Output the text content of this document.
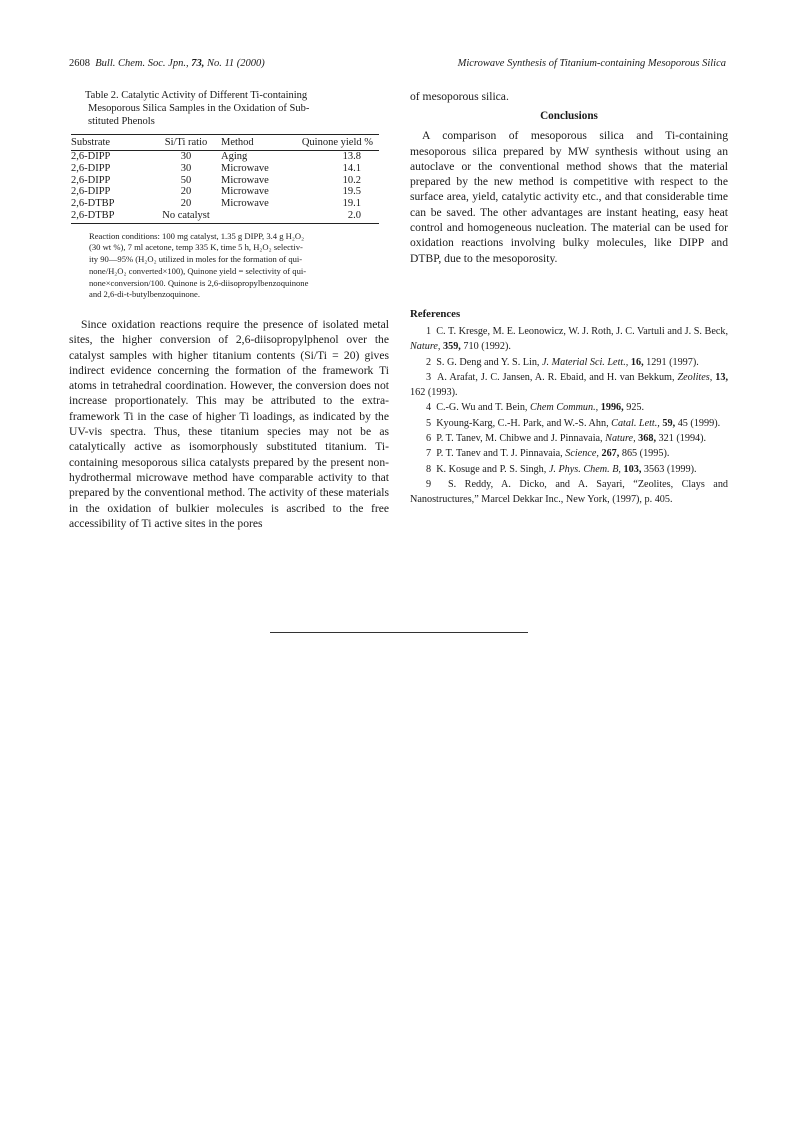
2608 Bull. Chem. Soc. Jpn., 73, No. 11 (2000)	Microwave Synthesis of Titanium-containing Mesoporous Silica
Table 2. Catalytic Activity of Different Ti-containing

Mesoporous Silica Samples in the Oxidation of Sub-
stituted Phenols
Substrate	Si/Ti ratio	Method	Quinone yield %
2,6-DIPP	30	Aging	13.8
2,6-DIPP	30	Microwave	14.1
2,6-DIPP	50	Microwave	10.2
2,6-DIPP	20	Microwave	19.5
2,6-DTBP	20	Microwave	19.1
2,6-DTBP	No catalyst		2.0
Reaction conditions: 100 mg catalyst, 1.35 g DIPP, 3.4 g H₂O₂
(30 wt %), 7 ml acetone, temp 335 K, time 5 h, H₂O₂ selectiv-
ity 90—95% (H₂O₂ utilized in moles for the formation of qui-
none/H₂O₂ converted×100), Quinone yield = selectivity of qui-
none×conversion/100. Quinone is 2,6-diisopropylbenzoquinone
and 2,6-di-t-butylbenzoquinone.

Since oxidation reactions require the presence of isolated metal sites, the higher conversion of 2,6-diisopropylphenol over the catalyst samples with higher titanium contents (Si/Ti = 20) gives indirect evidence concerning the formation of the framework Ti atoms in tetrahedral coordination. However, the conversion does not increase proportionately. This may be attributed to the extra-framework Ti in the case of higher Ti loadings, as indicated by the UV-vis spectra. Thus, these titanium species may not be as catalytically active as isomorphously substituted titanium. Ti-containing mesoporous silica catalysts prepared by the present non-hydrothermal microwave method have comparable activity to that prepared by the conventional method. The activity of these materials in the oxidation of bulkier molecules is ascribed to the free accessibility of Ti active sites in the pores

of mesoporous silica.

Conclusions

A comparison of mesoporous silica and Ti-containing mesoporous silica prepared by MW synthesis without using an autoclave or the conventional method shows that the material prepared by the new method is competitive with respect to the surface area, yield, catalytic activity etc., and that considerable time can be saved. The other advantages are instant heating, easy heat control and homogeneous nucleation. The material can be used for oxidation reactions involving bulky molecules, like DIPP and DTBP, due to the mesoporosity.

References
1 C. T. Kresge, M. E. Leonowicz, W. J. Roth, J. C. Vartuli and J. S. Beck, Nature, 359, 710 (1992).
2 S. G. Deng and Y. S. Lin, J. Material Sci. Lett., 16, 1291 (1997).
3 A. Arafat, J. C. Jansen, A. R. Ebaid, and H. van Bekkum, Zeolites, 13, 162 (1993).
4 C.-G. Wu and T. Bein, Chem Commun., 1996, 925.
5 Kyoung-Karg, C.-H. Park, and W.-S. Ahn, Catal. Lett., 59, 45 (1999).
6 P. T. Tanev, M. Chibwe and J. Pinnavaia, Nature, 368, 321 (1994).
7 P. T. Tanev and T. J. Pinnavaia, Science, 267, 865 (1995).
8 K. Kosuge and P. S. Singh, J. Phys. Chem. B, 103, 3563 (1999).
9 S. Reddy, A. Dicko, and A. Sayari, “Zeolites, Clays and Nanostructures,” Marcel Dekkar Inc., New York, (1997), p. 405.
